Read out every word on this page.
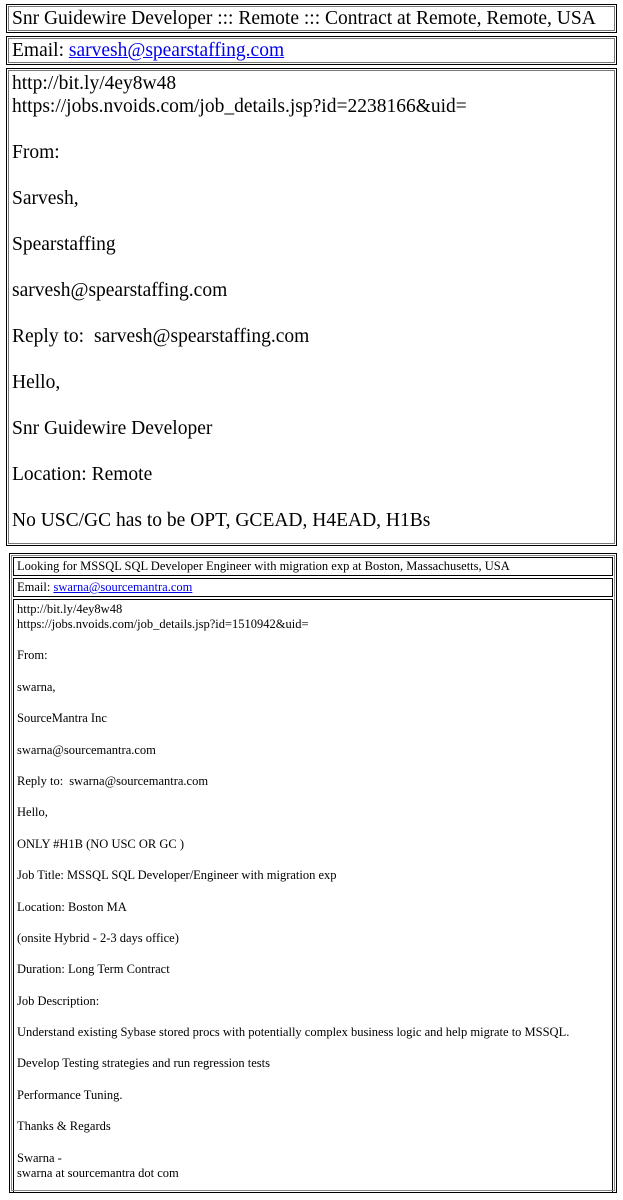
Snr Guidewire Developer ::: Remote ::: Contract at Remote, Remote, USA
Email: sarvesh@spearstaffing.com

http://bit.ly/4ey8w48

https://jobs.nvoids.com/job_details.jsp?id=2238166&uid=

From:

Sarvesh,

Spearstaffing

sarvesh@spearstaffing.com

Reply to: sarvesh@spearstaffing.com

Hello,

Snr Guidewire Developer

Location: Remote

No USC/GC has to be OPT, GCEAD, H4EAD, H1Bs

Looking for MSSQL SQL Developer Engineer with migration exp at Boston, Massachusetts, USA
Email: swarna@sourcemantra.com

http://bit.ly/4ey8w48

https://jobs.nvoids.com/job_details.jsp?id=1510942&uid=

From:

swarna,

SourceMantra Inc

swarna@sourcemantra.com

Reply to: swarna@sourcemantra.com

Hello,

ONLY #H1B (NO USC OR GC )

Job Title: MSSQL SQL Developer/Engineer with migration exp

Location: Boston MA

(onsite Hybrid - 2-3 days office)

Duration: Long Term Contract

Job Description:

Understand existing Sybase stored procs with potentially complex business logic and help migrate to MSSQL.

Develop Testing strategies and run regression tests

Performance Tuning.

Thanks & Regards

Swarna -

swarna at sourcemantra dot com
